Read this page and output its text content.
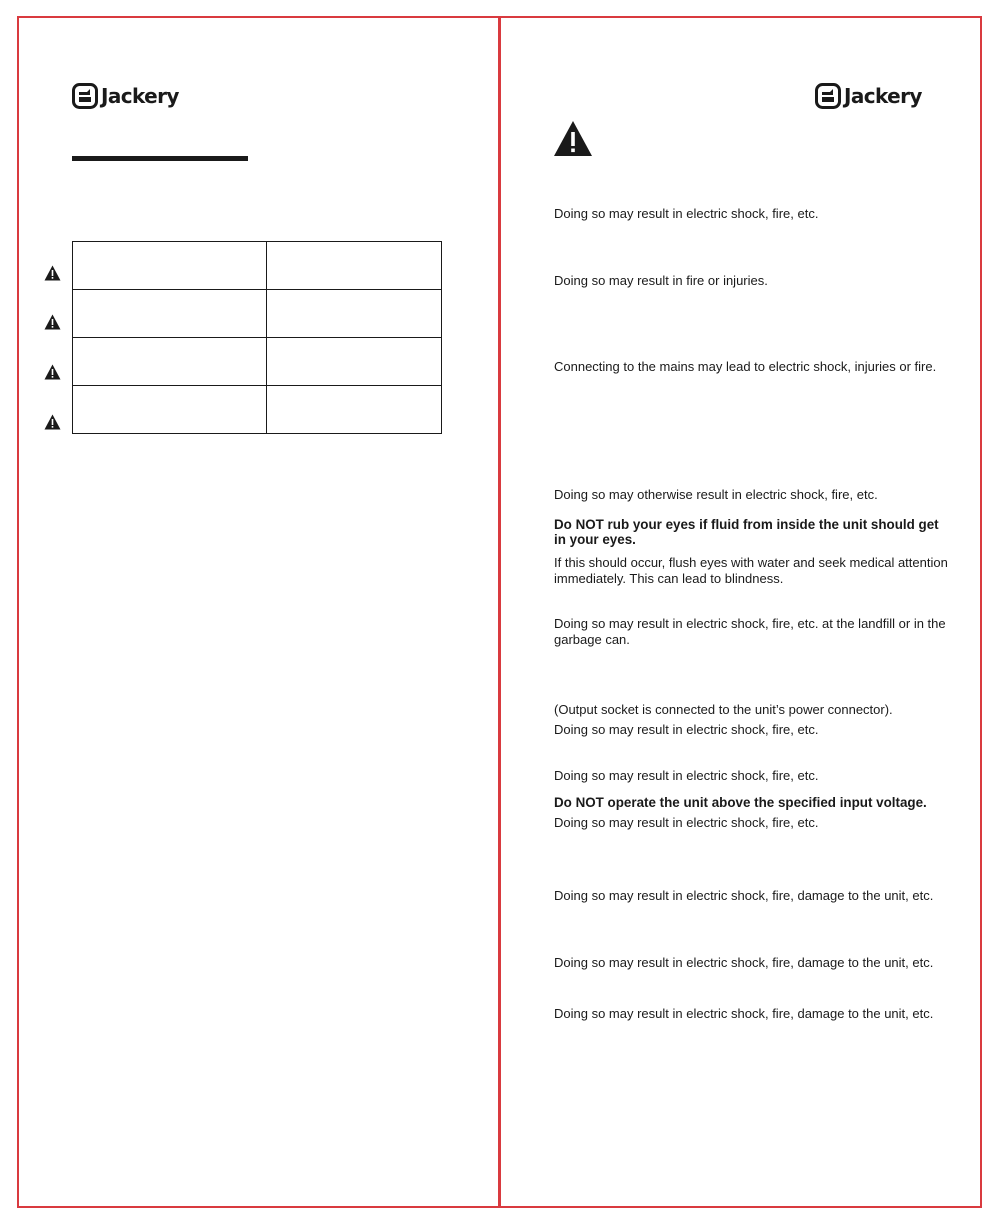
Jackery

		Jackery
Doing so may result in electric shock, fire, etc.
Doing so may result in fire or injuries.
Connecting to the mains may lead to electric shock, injuries or fire.
Doing so may otherwise result in electric shock, fire, etc.
Do NOT rub your eyes if fluid from inside the unit should get in your eyes.
If this should occur, flush eyes with water and seek medical attention immediately. This can lead to blindness.
Doing so may result in electric shock, fire, etc. at the landfill or in the garbage can.
(Output socket is connected to the unit’s power connector).
Doing so may result in electric shock, fire, etc.
Doing so may result in electric shock, fire, etc.
Do NOT operate the unit above the specified input voltage.
Doing so may result in electric shock, fire, etc.
Doing so may result in electric shock, fire, damage to the unit, etc.
Doing so may result in electric shock, fire, damage to the unit, etc.
Doing so may result in electric shock, fire, damage to the unit, etc.
